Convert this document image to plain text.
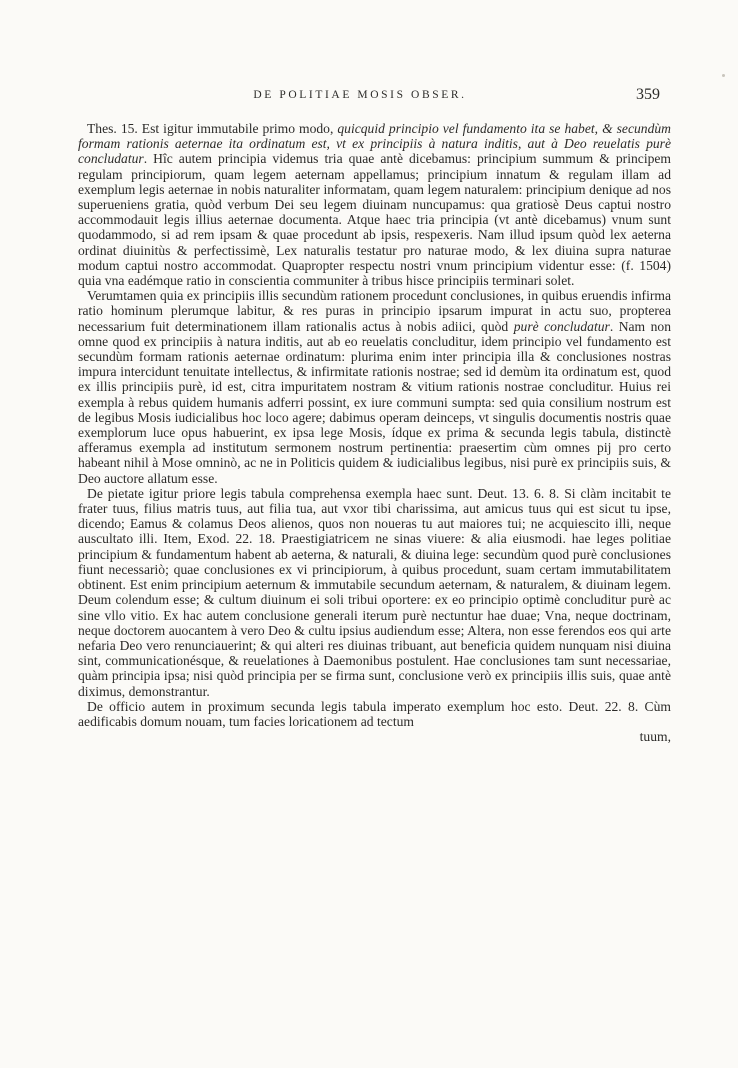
DE POLITIAE MOSIS OBSER.	359

Thes. 15. Est igitur immutabile primo modo, quicquid principio vel fundamento ita se habet, & secundùm formam rationis aeternae ita ordinatum est, vt ex principiis à natura inditis, aut à Deo reuelatis purè concludatur. Hîc autem principia videmus tria quae antè dicebamus: principium summum & principem regulam principiorum, quam legem aeternam appellamus; principium innatum & regulam illam ad exemplum legis aeternae in nobis naturaliter informatam, quam legem naturalem: principium denique ad nos superueniens gratia, quòd verbum Dei seu legem diuinam nuncupamus: qua gratiosè Deus captui nostro accommodauit legis illius aeternae documenta. Atque haec tria principia (vt antè dicebamus) vnum sunt quodammodo, si ad rem ipsam & quae procedunt ab ipsis, respexeris. Nam illud ipsum quòd lex aeterna ordinat diuinitùs & perfectissimè, Lex naturalis testatur pro naturae modo, & lex diuina supra naturae modum captui nostro accommodat. Quapropter respectu nostri vnum principium videntur esse: (f. 1504) quia vna eadémque ratio in conscientia communiter à tribus hisce principiis terminari solet.

Verumtamen quia ex principiis illis secundùm rationem procedunt conclusiones, in quibus eruendis infirma ratio hominum plerumque labitur, & res puras in principio ipsarum impurat in actu suo, propterea necessarium fuit determinationem illam rationalis actus à nobis adiici, quòd purè concludatur. Nam non omne quod ex principiis à natura inditis, aut ab eo reuelatis concluditur, idem principio vel fundamento est secundùm formam rationis aeternae ordinatum: plurima enim inter principia illa & conclusiones nostras impura intercidunt tenuitate intellectus, & infirmitate rationis nostrae; sed id demùm ita ordinatum est, quod ex illis principiis purè, id est, citra impuritatem nostram & vitium rationis nostrae concluditur. Huius rei exempla à rebus quidem humanis adferri possint, ex iure communi sumpta: sed quia consilium nostrum est de legibus Mosis iudicialibus hoc loco agere; dabimus operam deinceps, vt singulis documentis nostris quae exemplorum luce opus habuerint, ex ipsa lege Mosis, ídque ex prima & secunda legis tabula, distinctè afferamus exempla ad institutum sermonem nostrum pertinentia: praesertim cùm omnes pij pro certo habeant nihil à Mose omninò, ac ne in Politicis quidem & iudicialibus legibus, nisi purè ex principiis suis, & Deo auctore allatum esse.

De pietate igitur priore legis tabula comprehensa exempla haec sunt. Deut. 13. 6. 8. Si clàm incitabit te frater tuus, filius matris tuus, aut filia tua, aut vxor tibi charissima, aut amicus tuus qui est sicut tu ipse, dicendo; Eamus & colamus Deos alienos, quos non noueras tu aut maiores tui; ne acquiescito illi, neque auscultato illi. Item, Exod. 22. 18. Praestigiatricem ne sinas viuere: & alia eiusmodi. hae leges politiae principium & fundamentum habent ab aeterna, & naturali, & diuina lege: secundùm quod purè conclusiones fiunt necessariò; quae conclusiones ex vi principiorum, à quibus procedunt, suam certam immutabilitatem obtinent. Est enim principium aeternum & immutabile secundum aeternam, & naturalem, & diuinam legem. Deum colendum esse; & cultum diuinum ei soli tribui oportere: ex eo principio optimè concluditur purè ac sine vllo vitio. Ex hac autem conclusione generali iterum purè nectuntur hae duae; Vna, neque doctrinam, neque doctorem auocantem à vero Deo & cultu ipsius audiendum esse; Altera, non esse ferendos eos qui arte nefaria Deo vero renunciauerint; & qui alteri res diuinas tribuant, aut beneficia quidem nunquam nisi diuina sint, communicationésque, & reuelationes à Daemonibus postulent. Hae conclusiones tam sunt necessariae, quàm principia ipsa; nisi quòd principia per se firma sunt, conclusione verò ex principiis illis suis, quae antè diximus, demonstrantur.

De officio autem in proximum secunda legis tabula imperato exemplum hoc esto. Deut. 22. 8. Cùm aedificabis domum nouam, tum facies loricationem ad tectum

tuum,
